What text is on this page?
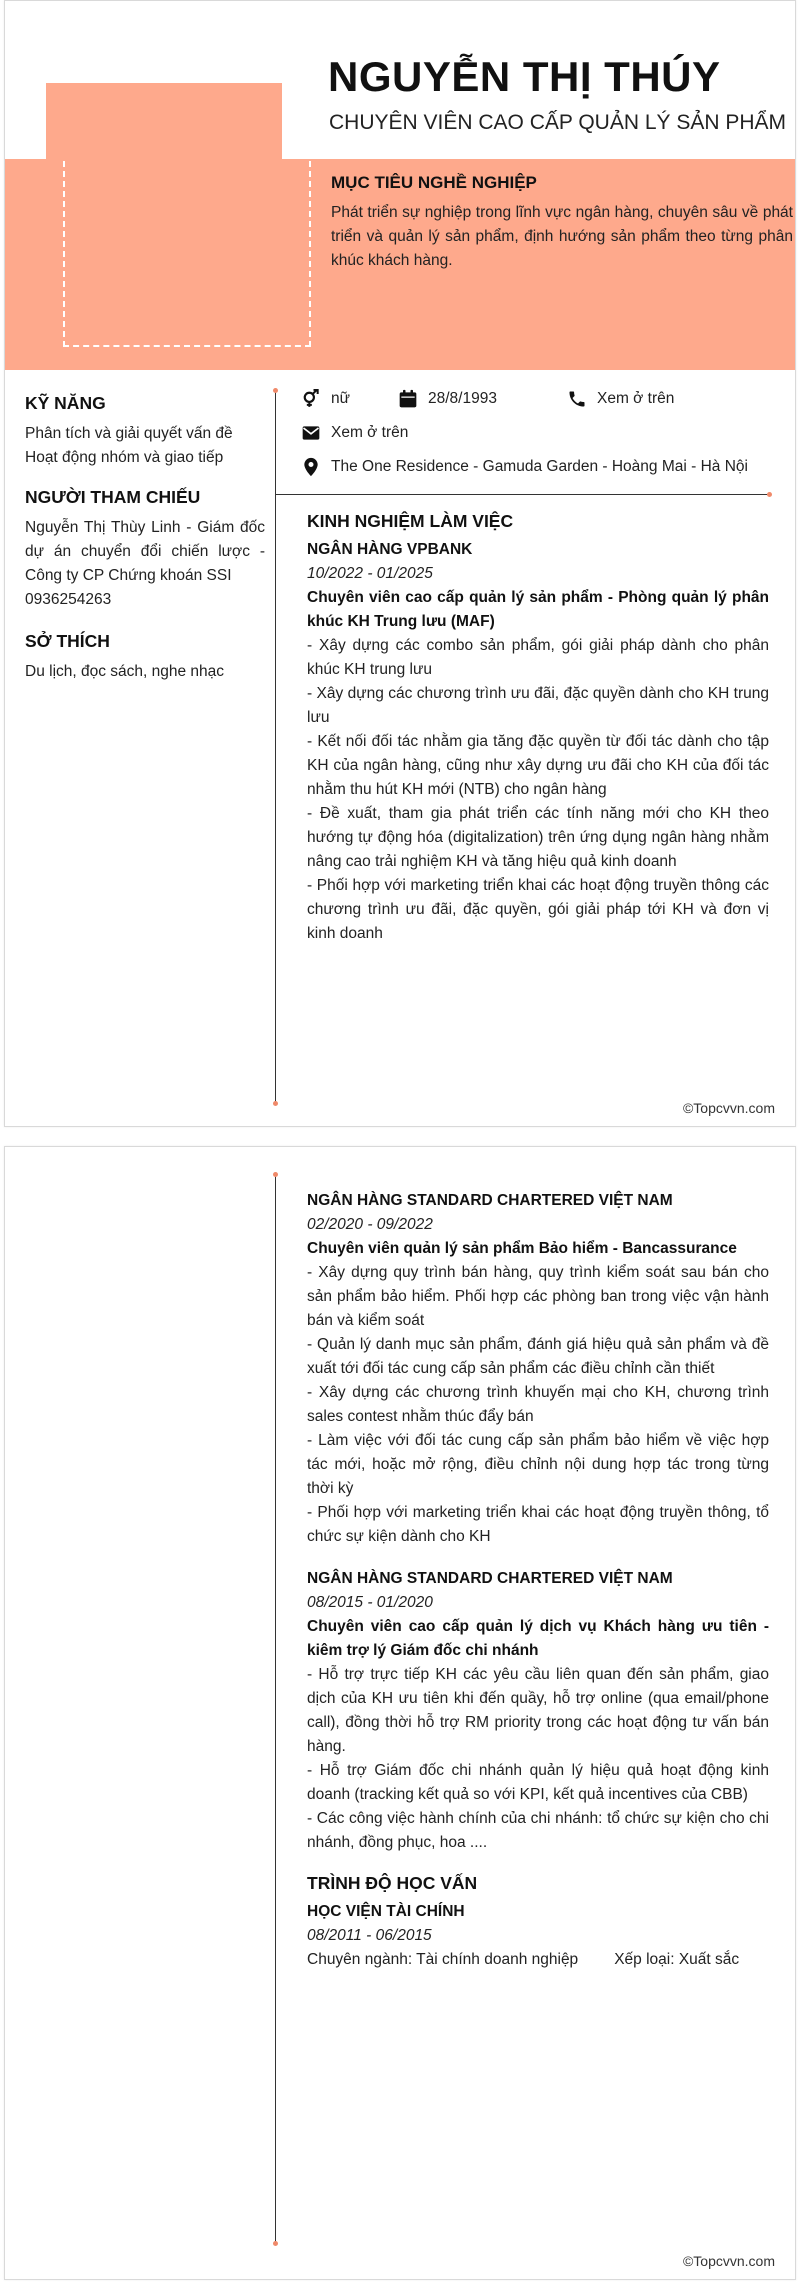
NGUYỄN THỊ THÚY
CHUYÊN VIÊN CAO CẤP QUẢN LÝ SẢN PHẨM
MỤC TIÊU NGHỀ NGHIỆP
Phát triển sự nghiệp trong lĩnh vực ngân hàng, chuyên sâu về phát triển và quản lý sản phẩm, định hướng sản phẩm theo từng phân khúc khách hàng.
KỸ NĂNG
Phân tích và giải quyết vấn đề
Hoạt động nhóm và giao tiếp
NGƯỜI THAM CHIẾU
Nguyễn Thị Thùy Linh - Giám đốc dự án chuyển đổi chiến lược - Công ty CP Chứng khoán SSI
0936254263
SỞ THÍCH
Du lịch, đọc sách, nghe nhạc
nữ	28/8/1993	Xem ở trên
Xem ở trên
The One Residence - Gamuda Garden - Hoàng Mai - Hà Nội
KINH NGHIỆM LÀM VIỆC
NGÂN HÀNG VPBANK
10/2022 - 01/2025
Chuyên viên cao cấp quản lý sản phẩm - Phòng quản lý phân khúc KH Trung lưu (MAF)
- Xây dựng các combo sản phẩm, gói giải pháp dành cho phân khúc KH trung lưu
- Xây dựng các chương trình ưu đãi, đặc quyền dành cho KH trung lưu
- Kết nối đối tác nhằm gia tăng đặc quyền từ đối tác dành cho tập KH của ngân hàng, cũng như xây dựng ưu đãi cho KH của đối tác nhằm thu hút KH mới (NTB) cho ngân hàng
- Đề xuất, tham gia phát triển các tính năng mới cho KH theo hướng tự động hóa (digitalization) trên ứng dụng ngân hàng nhằm nâng cao trải nghiệm KH và tăng hiệu quả kinh doanh
- Phối hợp với marketing triển khai các hoạt động truyền thông các chương trình ưu đãi, đặc quyền, gói giải pháp tới KH và đơn vị kinh doanh
©Topcvvn.com
NGÂN HÀNG STANDARD CHARTERED VIỆT NAM
02/2020 - 09/2022
Chuyên viên quản lý sản phẩm Bảo hiểm - Bancassurance
- Xây dựng quy trình bán hàng, quy trình kiểm soát sau bán cho sản phẩm bảo hiểm. Phối hợp các phòng ban trong việc vận hành bán và kiểm soát
- Quản lý danh mục sản phẩm, đánh giá hiệu quả sản phẩm và đề xuất tới đối tác cung cấp sản phẩm các điều chỉnh cần thiết
- Xây dựng các chương trình khuyến mại cho KH, chương trình sales contest nhằm thúc đẩy bán
- Làm việc với đối tác cung cấp sản phẩm bảo hiểm về việc hợp tác mới, hoặc mở rộng, điều chỉnh nội dung hợp tác trong từng thời kỳ
- Phối hợp với marketing triển khai các hoạt động truyền thông, tổ chức sự kiện dành cho KH
NGÂN HÀNG STANDARD CHARTERED VIỆT NAM
08/2015 - 01/2020
Chuyên viên cao cấp quản lý dịch vụ Khách hàng ưu tiên - kiêm trợ lý Giám đốc chi nhánh
- Hỗ trợ trực tiếp KH các yêu cầu liên quan đến sản phẩm, giao dịch của KH ưu tiên khi đến quầy, hỗ trợ online (qua email/phone call), đồng thời hỗ trợ RM priority trong các hoạt động tư vấn bán hàng.
- Hỗ trợ Giám đốc chi nhánh quản lý hiệu quả hoạt động kinh doanh (tracking kết quả so với KPI, kết quả incentives của CBB)
- Các công việc hành chính của chi nhánh: tổ chức sự kiện cho chi nhánh, đồng phục, hoa ....
TRÌNH ĐỘ HỌC VẤN
HỌC VIỆN TÀI CHÍNH
08/2011 - 06/2015
Chuyên ngành: Tài chính doanh nghiệp Xếp loại: Xuất sắc
©Topcvvn.com
